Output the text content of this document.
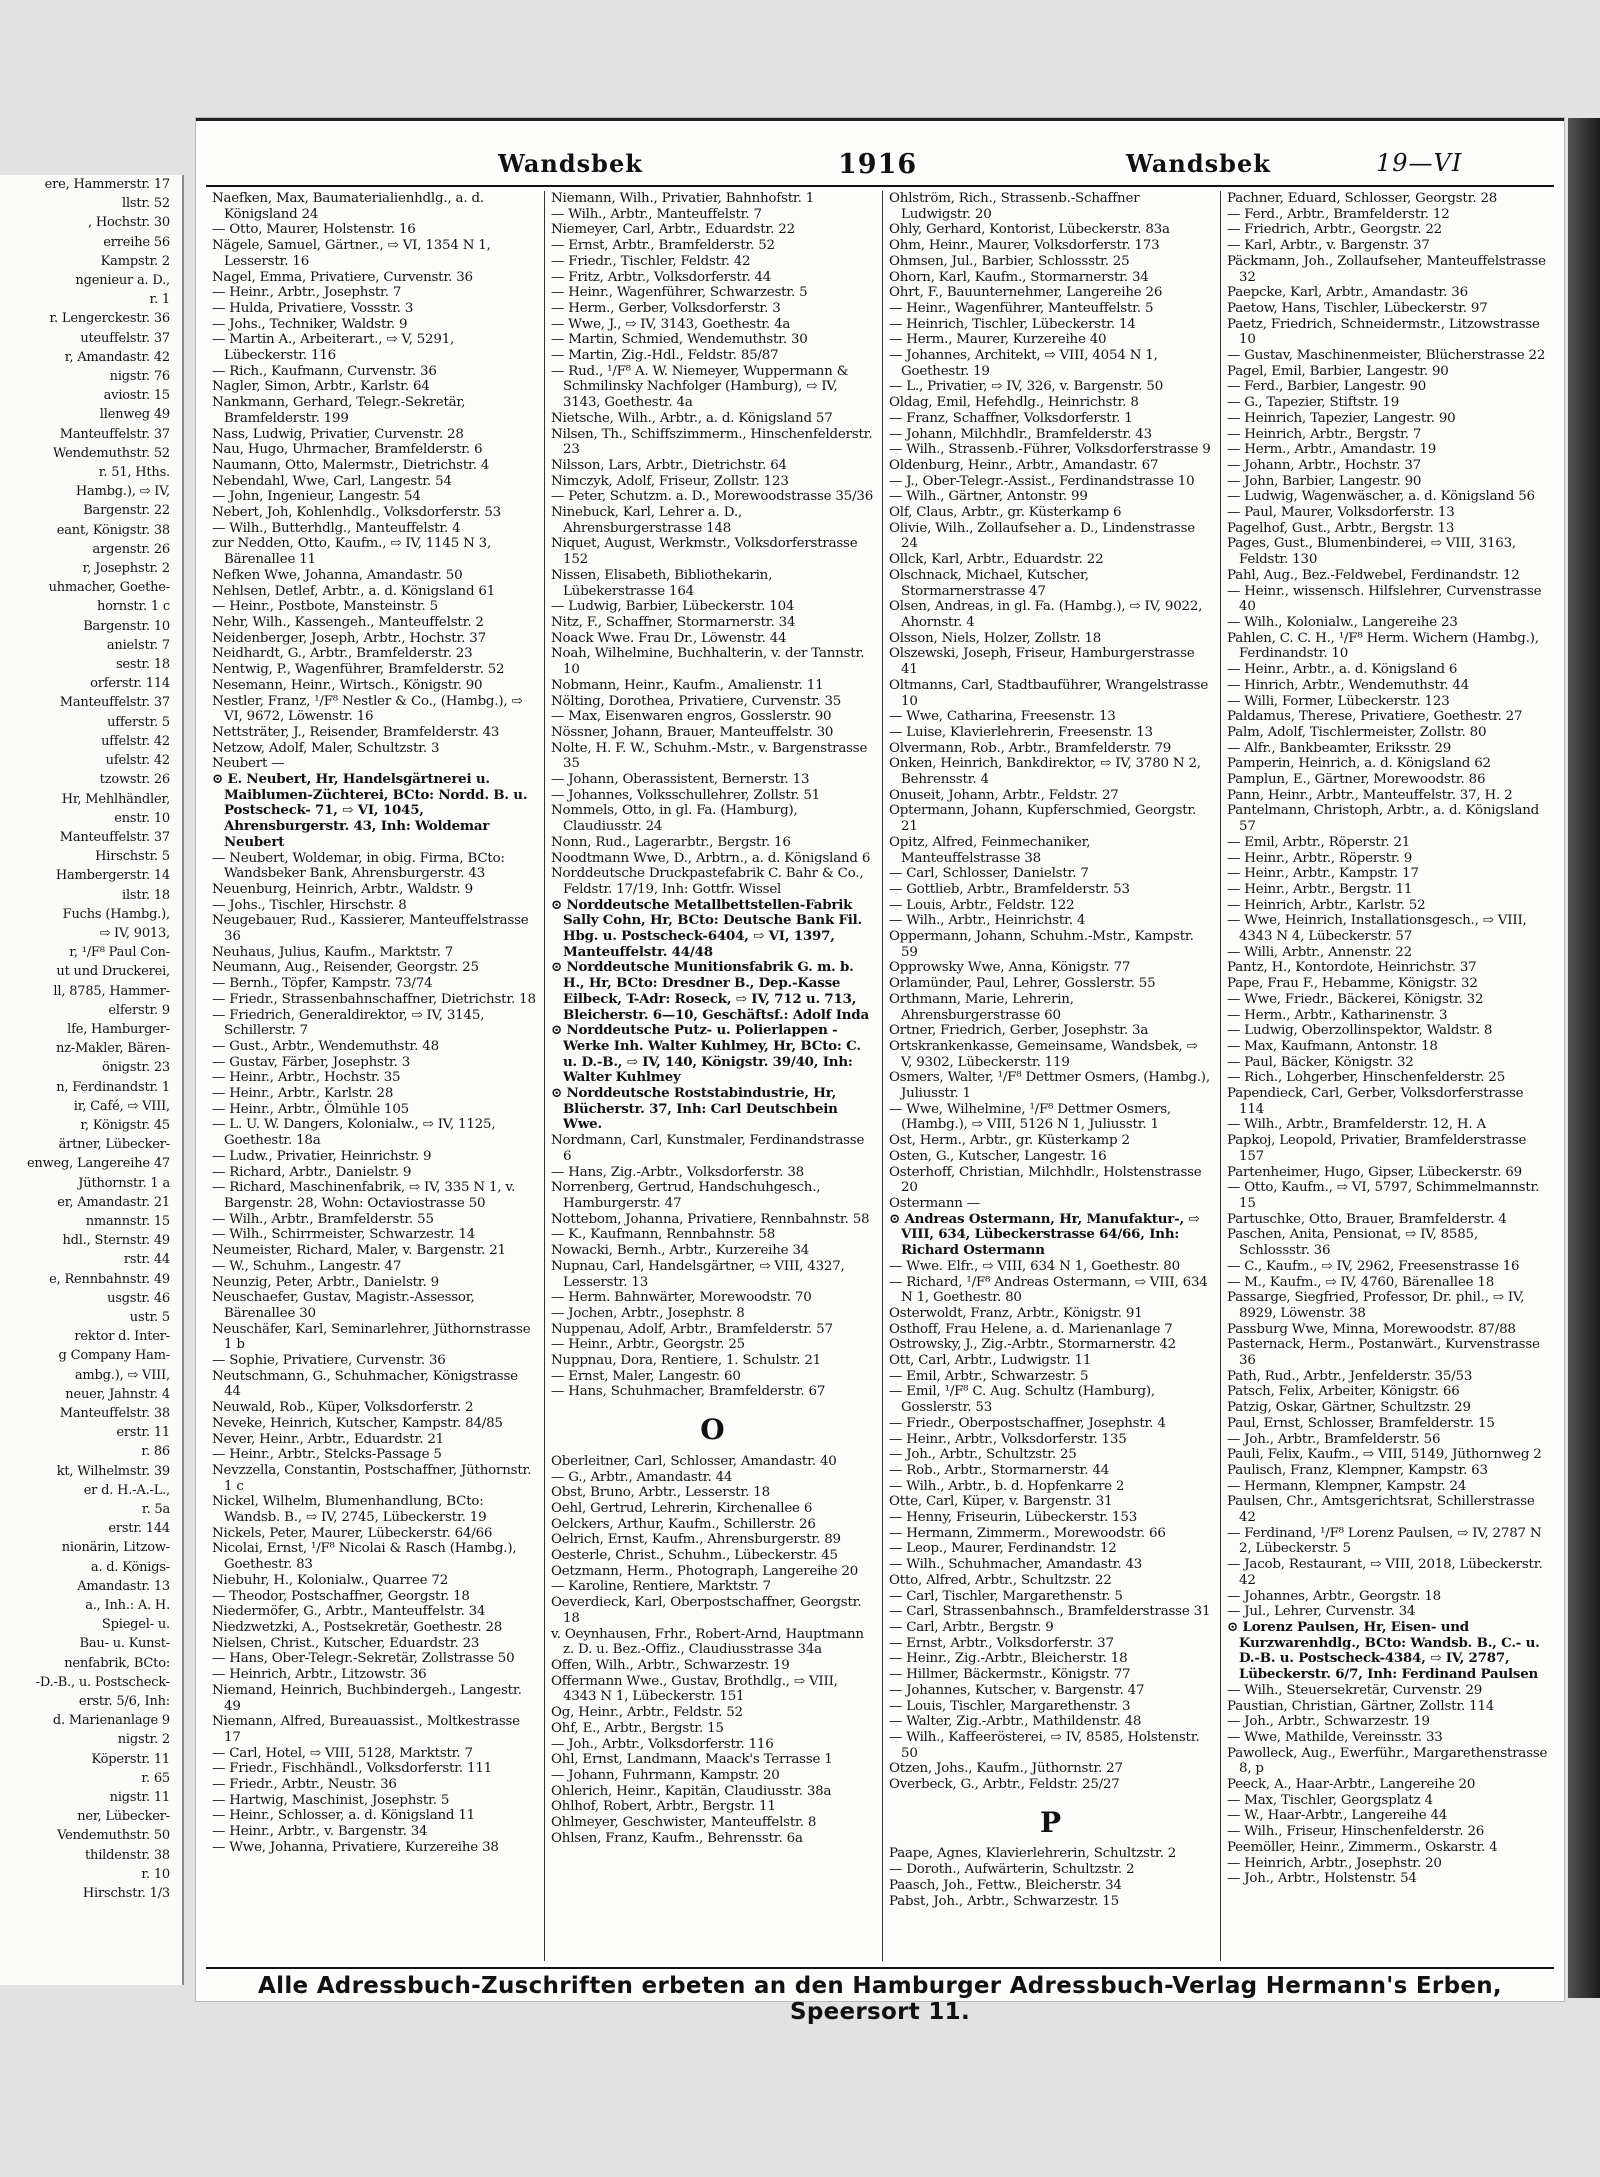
ere, Hammerstr. 17
llstr. 52
, Hochstr. 30
erreihe 56
Kampstr. 2
ngenieur a. D.,
r. 1
r. Lengerckestr. 36
uteuffelstr. 37
r, Amandastr. 42
nigstr. 76
aviostr. 15
llenweg 49
Manteuffelstr. 37
Wendemuthstr. 52
r. 51, Hths.
Hambg.), ⇨ IV,
Bargenstr. 22
eant, Königstr. 38
argenstr. 26
r, Josephstr. 2
uhmacher, Goethe-
hornstr. 1 c
Bargenstr. 10
anielstr. 7
sestr. 18
orferstr. 114
Manteuffelstr. 37
ufferstr. 5
uffelstr. 42
ufelstr. 42
tzowstr. 26
Hr, Mehlhändler,
enstr. 10
Manteuffelstr. 37
Hirschstr. 5
Hambergerstr. 14
ilstr. 18
Fuchs (Hambg.),
⇨ IV, 9013,
r, ¹/F⁸ Paul Con-
ut und Druckerei,
ll, 8785, Hammer-
elferstr. 9
lfe, Hamburger-
nz-Makler, Bären-
önigstr. 23
n, Ferdinandstr. 1
ir, Café, ⇨ VIII,
r, Königstr. 45
ärtner, Lübecker-
enweg, Langereihe 47
Jüthornstr. 1 a
er, Amandastr. 21
nmannstr. 15
hdl., Sternstr. 49
rstr. 44
e, Rennbahnstr. 49
usgstr. 46
ustr. 5
rektor d. Inter-
g Company Ham-
ambg.), ⇨ VIII,
neuer, Jahnstr. 4
Manteuffelstr. 38
erstr. 11
r. 86
kt, Wilhelmstr. 39
er d. H.-A.-L.,
r. 5a
erstr. 144
nionärin, Litzow-
a. d. Königs-
Amandastr. 13
a., Inh.: A. H.
Spiegel- u.
Bau- u. Kunst-
nenfabrik, BCto:
-D.-B., u. Postscheck-
erstr. 5/6, Inh:
d. Marienanlage 9
nigstr. 2
Köperstr. 11
r. 65
nigstr. 11
ner, Lübecker-
Vendemuthstr. 50
thildenstr. 38
r. 10
Hirschstr. 1/3
Wandsbek	1916	Wandsbek	19—VI

Naefken, Max, Baumaterialienhdlg., a. d. Königsland 24

— Otto, Maurer, Holstenstr. 16

Nägele, Samuel, Gärtner., ⇨ VI, 1354 N 1, Lesserstr. 16

Nagel, Emma, Privatiere, Curvenstr. 36

— Heinr., Arbtr., Josephstr. 7

— Hulda, Privatiere, Vossstr. 3

— Johs., Techniker, Waldstr. 9

— Martin A., Arbeiterart., ⇨ V, 5291, Lübeckerstr. 116

— Rich., Kaufmann, Curvenstr. 36

Nagler, Simon, Arbtr., Karlstr. 64

Nankmann, Gerhard, Telegr.-Sekretär, Bramfelderstr. 199

Nass, Ludwig, Privatier, Curvenstr. 28

Nau, Hugo, Uhrmacher, Bramfelderstr. 6

Naumann, Otto, Malermstr., Dietrichstr. 4

Nebendahl, Wwe, Carl, Langestr. 54

— John, Ingenieur, Langestr. 54

Nebert, Joh, Kohlenhdlg., Volksdorferstr. 53

— Wilh., Butterhdlg., Manteuffelstr. 4

zur Nedden, Otto, Kaufm., ⇨ IV, 1145 N 3, Bärenallee 11

Nefken Wwe, Johanna, Amandastr. 50

Nehlsen, Detlef, Arbtr., a. d. Königsland 61

— Heinr., Postbote, Mansteinstr. 5

Nehr, Wilh., Kassengeh., Manteuffelstr. 2

Neidenberger, Joseph, Arbtr., Hochstr. 37

Neidhardt, G., Arbtr., Bramfelderstr. 23

Nentwig, P., Wagenführer, Bramfelderstr. 52

Nesemann, Heinr., Wirtsch., Königstr. 90

Nestler, Franz, ¹/F⁸ Nestler & Co., (Hambg.), ⇨ VI, 9672, Löwenstr. 16

Nettsträter, J., Reisender, Bramfelderstr. 43

Netzow, Adolf, Maler, Schultzstr. 3

Neubert —

⊙ E. Neubert, Hr, Handelsgärtnerei u. Maiblumen-Züchterei, BCto: Nordd. B. u. Postscheck- 71, ⇨ VI, 1045, Ahrensburgerstr. 43, Inh: Woldemar Neubert

— Neubert, Woldemar, in obig. Firma, BCto: Wandsbeker Bank, Ahrensburgerstr. 43

Neuenburg, Heinrich, Arbtr., Waldstr. 9

— Johs., Tischler, Hirschstr. 8

Neugebauer, Rud., Kassierer, Manteuffelstrasse 36

Neuhaus, Julius, Kaufm., Marktstr. 7

Neumann, Aug., Reisender, Georgstr. 25

— Bernh., Töpfer, Kampstr. 73/74

— Friedr., Strassenbahnschaffner, Dietrichstr. 18

— Friedrich, Generaldirektor, ⇨ IV, 3145, Schillerstr. 7

— Gust., Arbtr., Wendemuthstr. 48

— Gustav, Färber, Josephstr. 3

— Heinr., Arbtr., Hochstr. 35

— Heinr., Arbtr., Karlstr. 28

— Heinr., Arbtr., Ölmühle 105

— L. U. W. Dangers, Kolonialw., ⇨ IV, 1125, Goethestr. 18a

— Ludw., Privatier, Heinrichstr. 9

— Richard, Arbtr., Danielstr. 9

— Richard, Maschinenfabrik, ⇨ IV, 335 N 1, v. Bargenstr. 28, Wohn: Octaviostrasse 50

— Wilh., Arbtr., Bramfelderstr. 55

— Wilh., Schirrmeister, Schwarzestr. 14

Neumeister, Richard, Maler, v. Bargenstr. 21

— W., Schuhm., Langestr. 47

Neunzig, Peter, Arbtr., Danielstr. 9

Neuschaefer, Gustav, Magistr.-Assessor, Bärenallee 30

Neuschäfer, Karl, Seminarlehrer, Jüthornstrasse 1 b

— Sophie, Privatiere, Curvenstr. 36

Neutschmann, G., Schuhmacher, Königstrasse 44

Neuwald, Rob., Küper, Volksdorferstr. 2

Neveke, Heinrich, Kutscher, Kampstr. 84/85

Never, Heinr., Arbtr., Eduardstr. 21

— Heinr., Arbtr., Stelcks-Passage 5

Nevzzella, Constantin, Postschaffner, Jüthornstr. 1 c

Nickel, Wilhelm, Blumenhandlung, BCto: Wandsb. B., ⇨ IV, 2745, Lübeckerstr. 19

Nickels, Peter, Maurer, Lübeckerstr. 64/66

Nicolai, Ernst, ¹/F⁸ Nicolai & Rasch (Hambg.), Goethestr. 83

Niebuhr, H., Kolonialw., Quarree 72

— Theodor, Postschaffner, Georgstr. 18

Niedermöfer, G., Arbtr., Manteuffelstr. 34

Niedzwetzki, A., Postsekretär, Goethestr. 28

Nielsen, Christ., Kutscher, Eduardstr. 23

— Hans, Ober-Telegr.-Sekretär, Zollstrasse 50

— Heinrich, Arbtr., Litzowstr. 36

Niemand, Heinrich, Buchbindergeh., Langestr. 49

Niemann, Alfred, Bureauassist., Moltkestrasse 17

— Carl, Hotel, ⇨ VIII, 5128, Marktstr. 7

— Friedr., Fischhändl., Volksdorferstr. 111

— Friedr., Arbtr., Neustr. 36

— Hartwig, Maschinist, Josephstr. 5

— Heinr., Schlosser, a. d. Königsland 11

— Heinr., Arbtr., v. Bargenstr. 34

— Wwe, Johanna, Privatiere, Kurzereihe 38

Niemann, Wilh., Privatier, Bahnhofstr. 1

— Wilh., Arbtr., Manteuffelstr. 7

Niemeyer, Carl, Arbtr., Eduardstr. 22

— Ernst, Arbtr., Bramfelderstr. 52

— Friedr., Tischler, Feldstr. 42

— Fritz, Arbtr., Volksdorferstr. 44

— Heinr., Wagenführer, Schwarzestr. 5

— Herm., Gerber, Volksdorferstr. 3

— Wwe, J., ⇨ IV, 3143, Goethestr. 4a

— Martin, Schmied, Wendemuthstr. 30

— Martin, Zig.-Hdl., Feldstr. 85/87

— Rud., ¹/F⁸ A. W. Niemeyer, Wuppermann & Schmilinsky Nachfolger (Hamburg), ⇨ IV, 3143, Goethestr. 4a

Nietsche, Wilh., Arbtr., a. d. Königsland 57

Nilsen, Th., Schiffszimmerm., Hinschenfelderstr. 23

Nilsson, Lars, Arbtr., Dietrichstr. 64

Nimczyk, Adolf, Friseur, Zollstr. 123

— Peter, Schutzm. a. D., Morewoodstrasse 35/36

Ninebuck, Karl, Lehrer a. D., Ahrensburgerstrasse 148

Niquet, August, Werkmstr., Volksdorferstrasse 152

Nissen, Elisabeth, Bibliothekarin, Lübekerstrasse 164

— Ludwig, Barbier, Lübeckerstr. 104

Nitz, F., Schaffner, Stormarnerstr. 34

Noack Wwe. Frau Dr., Löwenstr. 44

Noah, Wilhelmine, Buchhalterin, v. der Tannstr. 10

Nobmann, Heinr., Kaufm., Amalienstr. 11

Nölting, Dorothea, Privatiere, Curvenstr. 35

— Max, Eisenwaren engros, Gosslerstr. 90

Nössner, Johann, Brauer, Manteuffelstr. 30

Nolte, H. F. W., Schuhm.-Mstr., v. Bargenstrasse 35

— Johann, Oberassistent, Bernerstr. 13

— Johannes, Volksschullehrer, Zollstr. 51

Nommels, Otto, in gl. Fa. (Hamburg), Claudiusstr. 24

Nonn, Rud., Lagerarbtr., Bergstr. 16

Noodtmann Wwe, D., Arbtrn., a. d. Königsland 6

Norddeutsche Druckpastefabrik C. Bahr & Co., Feldstr. 17/19, Inh: Gottfr. Wissel

⊙ Norddeutsche Metallbettstellen-Fabrik Sally Cohn, Hr, BCto: Deutsche Bank Fil. Hbg. u. Postscheck-6404, ⇨ VI, 1397, Manteuffelstr. 44/48

⊙ Norddeutsche Munitionsfabrik G. m. b. H., Hr, BCto: Dresdner B., Dep.-Kasse Eilbeck, T-Adr: Roseck, ⇨ IV, 712 u. 713, Bleicherstr. 6—10, Geschäftsf.: Adolf Inda

⊙ Norddeutsche Putz- u. Polierlappen - Werke Inh. Walter Kuhlmey, Hr, BCto: C. u. D.-B., ⇨ IV, 140, Königstr. 39/40, Inh: Walter Kuhlmey

⊙ Norddeutsche Roststabindustrie, Hr, Blücherstr. 37, Inh: Carl Deutschbein Wwe.

Nordmann, Carl, Kunstmaler, Ferdinandstrasse 6

— Hans, Zig.-Arbtr., Volksdorferstr. 38

Norrenberg, Gertrud, Handschuhgesch., Hamburgerstr. 47

Nottebom, Johanna, Privatiere, Rennbahnstr. 58

— K., Kaufmann, Rennbahnstr. 58

Nowacki, Bernh., Arbtr., Kurzereihe 34

Nupnau, Carl, Handelsgärtner, ⇨ VIII, 4327, Lesserstr. 13

— Herm. Bahnwärter, Morewoodstr. 70

— Jochen, Arbtr., Josephstr. 8

Nuppenau, Adolf, Arbtr., Bramfelderstr. 57

— Heinr., Arbtr., Georgstr. 25

Nuppnau, Dora, Rentiere, 1. Schulstr. 21

— Ernst, Maler, Langestr. 60

— Hans, Schuhmacher, Bramfelderstr. 67

O

Oberleitner, Carl, Schlosser, Amandastr. 40

— G., Arbtr., Amandastr. 44

Obst, Bruno, Arbtr., Lesserstr. 18

Oehl, Gertrud, Lehrerin, Kirchenallee 6

Oelckers, Arthur, Kaufm., Schillerstr. 26

Oelrich, Ernst, Kaufm., Ahrensburgerstr. 89

Oesterle, Christ., Schuhm., Lübeckerstr. 45

Oetzmann, Herm., Photograph, Langereihe 20

— Karoline, Rentiere, Marktstr. 7

Oeverdieck, Karl, Oberpostschaffner, Georgstr. 18

v. Oeynhausen, Frhr., Robert-Arnd, Hauptmann z. D. u. Bez.-Offiz., Claudiusstrasse 34a

Offen, Wilh., Arbtr., Schwarzestr. 19

Offermann Wwe., Gustav, Brothdlg., ⇨ VIII, 4343 N 1, Lübeckerstr. 151

Og, Heinr., Arbtr., Feldstr. 52

Ohf, E., Arbtr., Bergstr. 15

— Joh., Arbtr., Volksdorferstr. 116

Ohl, Ernst, Landmann, Maack's Terrasse 1

— Johann, Fuhrmann, Kampstr. 20

Ohlerich, Heinr., Kapitän, Claudiusstr. 38a

Ohlhof, Robert, Arbtr., Bergstr. 11

Ohlmeyer, Geschwister, Manteuffelstr. 8

Ohlsen, Franz, Kaufm., Behrensstr. 6a

Ohlström, Rich., Strassenb.-Schaffner Ludwigstr. 20

Ohly, Gerhard, Kontorist, Lübeckerstr. 83a

Ohm, Heinr., Maurer, Volksdorferstr. 173

Ohmsen, Jul., Barbier, Schlossstr. 25

Ohorn, Karl, Kaufm., Stormarnerstr. 34

Ohrt, F., Bauunternehmer, Langereihe 26

— Heinr., Wagenführer, Manteuffelstr. 5

— Heinrich, Tischler, Lübeckerstr. 14

— Herm., Maurer, Kurzereihe 40

— Johannes, Architekt, ⇨ VIII, 4054 N 1, Goethestr. 19

— L., Privatier, ⇨ IV, 326, v. Bargenstr. 50

Oldag, Emil, Hefehdlg., Heinrichstr. 8

— Franz, Schaffner, Volksdorferstr. 1

— Johann, Milchhdlr., Bramfelderstr. 43

— Wilh., Strassenb.-Führer, Volksdorferstrasse 9

Oldenburg, Heinr., Arbtr., Amandastr. 67

— J., Ober-Telegr.-Assist., Ferdinandstrasse 10

— Wilh., Gärtner, Antonstr. 99

Olf, Claus, Arbtr., gr. Küsterkamp 6

Olivie, Wilh., Zollaufseher a. D., Lindenstrasse 24

Ollck, Karl, Arbtr., Eduardstr. 22

Olschnack, Michael, Kutscher, Stormarnerstrasse 47

Olsen, Andreas, in gl. Fa. (Hambg.), ⇨ IV, 9022, Ahornstr. 4

Olsson, Niels, Holzer, Zollstr. 18

Olszewski, Joseph, Friseur, Hamburgerstrasse 41

Oltmanns, Carl, Stadtbauführer, Wrangelstrasse 10

— Wwe, Catharina, Freesenstr. 13

— Luise, Klavierlehrerin, Freesenstr. 13

Olvermann, Rob., Arbtr., Bramfelderstr. 79

Onken, Heinrich, Bankdirektor, ⇨ IV, 3780 N 2, Behrensstr. 4

Onuseit, Johann, Arbtr., Feldstr. 27

Optermann, Johann, Kupferschmied, Georgstr. 21

Opitz, Alfred, Feinmechaniker, Manteuffelstrasse 38

— Carl, Schlosser, Danielstr. 7

— Gottlieb, Arbtr., Bramfelderstr. 53

— Louis, Arbtr., Feldstr. 122

— Wilh., Arbtr., Heinrichstr. 4

Oppermann, Johann, Schuhm.-Mstr., Kampstr. 59

Opprowsky Wwe, Anna, Königstr. 77

Orlamünder, Paul, Lehrer, Gosslerstr. 55

Orthmann, Marie, Lehrerin, Ahrensburgerstrasse 60

Ortner, Friedrich, Gerber, Josephstr. 3a

Ortskrankenkasse, Gemeinsame, Wandsbek, ⇨ V, 9302, Lübeckerstr. 119

Osmers, Walter, ¹/F⁸ Dettmer Osmers, (Hambg.), Juliusstr. 1

— Wwe, Wilhelmine, ¹/F⁸ Dettmer Osmers, (Hambg.), ⇨ VIII, 5126 N 1, Juliusstr. 1

Ost, Herm., Arbtr., gr. Küsterkamp 2

Osten, G., Kutscher, Langestr. 16

Osterhoff, Christian, Milchhdlr., Holstenstrasse 20

Ostermann —

⊙ Andreas Ostermann, Hr, Manufaktur-, ⇨ VIII, 634, Lübeckerstrasse 64/66, Inh: Richard Ostermann

— Wwe. Elfr., ⇨ VIII, 634 N 1, Goethestr. 80

— Richard, ¹/F⁸ Andreas Ostermann, ⇨ VIII, 634 N 1, Goethestr. 80

Osterwoldt, Franz, Arbtr., Königstr. 91

Osthoff, Frau Helene, a. d. Marienanlage 7

Ostrowsky, J., Zig.-Arbtr., Stormarnerstr. 42

Ott, Carl, Arbtr., Ludwigstr. 11

— Emil, Arbtr., Schwarzestr. 5

— Emil, ¹/F⁸ C. Aug. Schultz (Hamburg), Gosslerstr. 53

— Friedr., Oberpostschaffner, Josephstr. 4

— Heinr., Arbtr., Volksdorferstr. 135

— Joh., Arbtr., Schultzstr. 25

— Rob., Arbtr., Stormarnerstr. 44

— Wilh., Arbtr., b. d. Hopfenkarre 2

Otte, Carl, Küper, v. Bargenstr. 31

— Henny, Friseurin, Lübeckerstr. 153

— Hermann, Zimmerm., Morewoodstr. 66

— Leop., Maurer, Ferdinandstr. 12

— Wilh., Schuhmacher, Amandastr. 43

Otto, Alfred, Arbtr., Schultzstr. 22

— Carl, Tischler, Margarethenstr. 5

— Carl, Strassenbahnsch., Bramfelderstrasse 31

— Carl, Arbtr., Bergstr. 9

— Ernst, Arbtr., Volksdorferstr. 37

— Heinr., Zig.-Arbtr., Bleicherstr. 18

— Hillmer, Bäckermstr., Königstr. 77

— Johannes, Kutscher, v. Bargenstr. 47

— Louis, Tischler, Margarethenstr. 3

— Walter, Zig.-Arbtr., Mathildenstr. 48

— Wilh., Kaffeerösterei, ⇨ IV, 8585, Holstenstr. 50

Otzen, Johs., Kaufm., Jüthornstr. 27

Overbeck, G., Arbtr., Feldstr. 25/27

P

Paape, Agnes, Klavierlehrerin, Schultzstr. 2

— Doroth., Aufwärterin, Schultzstr. 2

Paasch, Joh., Fettw., Bleicherstr. 34

Pabst, Joh., Arbtr., Schwarzestr. 15

Pachner, Eduard, Schlosser, Georgstr. 28

— Ferd., Arbtr., Bramfelderstr. 12

— Friedrich, Arbtr., Georgstr. 22

— Karl, Arbtr., v. Bargenstr. 37

Päckmann, Joh., Zollaufseher, Manteuffelstrasse 32

Paepcke, Karl, Arbtr., Amandastr. 36

Paetow, Hans, Tischler, Lübeckerstr. 97

Paetz, Friedrich, Schneidermstr., Litzowstrasse 10

— Gustav, Maschinenmeister, Blücherstrasse 22

Pagel, Emil, Barbier, Langestr. 90

— Ferd., Barbier, Langestr. 90

— G., Tapezier, Stiftstr. 19

— Heinrich, Tapezier, Langestr. 90

— Heinrich, Arbtr., Bergstr. 7

— Herm., Arbtr., Amandastr. 19

— Johann, Arbtr., Hochstr. 37

— John, Barbier, Langestr. 90

— Ludwig, Wagenwäscher, a. d. Königsland 56

— Paul, Maurer, Volksdorferstr. 13

Pagelhof, Gust., Arbtr., Bergstr. 13

Pages, Gust., Blumenbinderei, ⇨ VIII, 3163, Feldstr. 130

Pahl, Aug., Bez.-Feldwebel, Ferdinandstr. 12

— Heinr., wissensch. Hilfslehrer, Curvenstrasse 40

— Wilh., Kolonialw., Langereihe 23

Pahlen, C. C. H., ¹/F⁸ Herm. Wichern (Hambg.), Ferdinandstr. 10

— Heinr., Arbtr., a. d. Königsland 6

— Hinrich, Arbtr., Wendemuthstr. 44

— Willi, Former, Lübeckerstr. 123

Paldamus, Therese, Privatiere, Goethestr. 27

Palm, Adolf, Tischlermeister, Zollstr. 80

— Alfr., Bankbeamter, Eriksstr. 29

Pamperin, Heinrich, a. d. Königsland 62

Pamplun, E., Gärtner, Morewoodstr. 86

Pann, Heinr., Arbtr., Manteuffelstr. 37, H. 2

Pantelmann, Christoph, Arbtr., a. d. Königsland 57

— Emil, Arbtr., Röperstr. 21

— Heinr., Arbtr., Röperstr. 9

— Heinr., Arbtr., Kampstr. 17

— Heinr., Arbtr., Bergstr. 11

— Heinrich, Arbtr., Karlstr. 52

— Wwe, Heinrich, Installationsgesch., ⇨ VIII, 4343 N 4, Lübeckerstr. 57

— Willi, Arbtr., Annenstr. 22

Pantz, H., Kontordote, Heinrichstr. 37

Pape, Frau F., Hebamme, Königstr. 32

— Wwe, Friedr., Bäckerei, Königstr. 32

— Herm., Arbtr., Katharinenstr. 3

— Ludwig, Oberzollinspektor, Waldstr. 8

— Max, Kaufmann, Antonstr. 18

— Paul, Bäcker, Königstr. 32

— Rich., Lohgerber, Hinschenfelderstr. 25

Papendieck, Carl, Gerber, Volksdorferstrasse 114

— Wilh., Arbtr., Bramfelderstr. 12, H. A

Papkoj, Leopold, Privatier, Bramfelderstrasse 157

Partenheimer, Hugo, Gipser, Lübeckerstr. 69

— Otto, Kaufm., ⇨ VI, 5797, Schimmelmannstr. 15

Partuschke, Otto, Brauer, Bramfelderstr. 4

Paschen, Anita, Pensionat, ⇨ IV, 8585, Schlossstr. 36

— C., Kaufm., ⇨ IV, 2962, Freesenstrasse 16

— M., Kaufm., ⇨ IV, 4760, Bärenallee 18

Passarge, Siegfried, Professor, Dr. phil., ⇨ IV, 8929, Löwenstr. 38

Passburg Wwe, Minna, Morewoodstr. 87/88

Pasternack, Herm., Postanwärt., Kurvenstrasse 36

Path, Rud., Arbtr., Jenfelderstr. 35/53

Patsch, Felix, Arbeiter, Königstr. 66

Patzig, Oskar, Gärtner, Schultzstr. 29

Paul, Ernst, Schlosser, Bramfelderstr. 15

— Joh., Arbtr., Bramfelderstr. 56

Pauli, Felix, Kaufm., ⇨ VIII, 5149, Jüthornweg 2

Paulisch, Franz, Klempner, Kampstr. 63

— Hermann, Klempner, Kampstr. 24

Paulsen, Chr., Amtsgerichtsrat, Schillerstrasse 42

— Ferdinand, ¹/F⁸ Lorenz Paulsen, ⇨ IV, 2787 N 2, Lübeckerstr. 5

— Jacob, Restaurant, ⇨ VIII, 2018, Lübeckerstr. 42

— Johannes, Arbtr., Georgstr. 18

— Jul., Lehrer, Curvenstr. 34

⊙ Lorenz Paulsen, Hr, Eisen- und Kurzwarenhdlg., BCto: Wandsb. B., C.- u. D.-B. u. Postscheck-4384, ⇨ IV, 2787, Lübeckerstr. 6/7, Inh: Ferdinand Paulsen

— Wilh., Steuersekretär, Curvenstr. 29

Paustian, Christian, Gärtner, Zollstr. 114

— Joh., Arbtr., Schwarzestr. 19

— Wwe, Mathilde, Vereinsstr. 33

Pawolleck, Aug., Ewerführ., Margarethenstrasse 8, p

Peeck, A., Haar-Arbtr., Langereihe 20

— Max, Tischler, Georgsplatz 4

— W., Haar-Arbtr., Langereihe 44

— Wilh., Friseur, Hinschenfelderstr. 26

Peemöller, Heinr., Zimmerm., Oskarstr. 4

— Heinrich, Arbtr., Josephstr. 20

— Joh., Arbtr., Holstenstr. 54

Alle Adressbuch-Zuschriften erbeten an den Hamburger Adressbuch-Verlag Hermann's Erben, Speersort 11.
